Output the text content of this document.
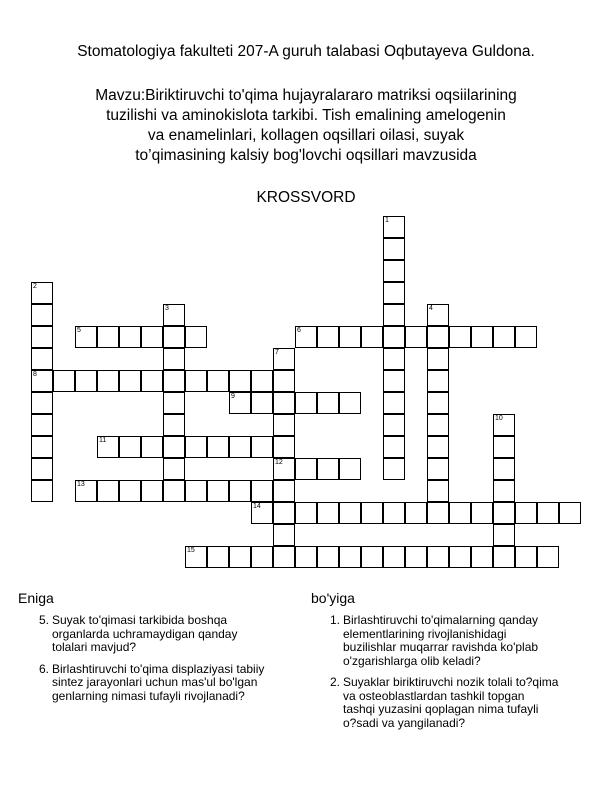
Stomatologiya fakulteti 207-A guruh talabasi Oqbutayeva Guldona.
Mavzu:Biriktiruvchi to'qima hujayralararo matriksi oqsiilarining
tuzilishi va aminokislota tarkibi. Tish emalining amelogenin
va enamelinlari, kollagen oqsillari oilasi, suyak
to’qimasining kalsiy bog'lovchi oqsillari mavzusida
KROSSVORD
1
2
8
3	4
5	6
7
12
9
10
11
13
14
15
Eniga
5. Suyak to'qimasi tarkibida boshqa
organlarda uchramaydigan qanday
tolalari mavjud?
6. Birlashtiruvchi to'qima displaziyasi tabiiy
sintez jarayonlari uchun mas'ul bo'lgan
genlarning nimasi tufayli rivojlanadi?
bo'yiga
1. Birlashtiruvchi to'qimalarning qanday
elementlarining rivojlanishidagi
buzilishlar muqarrar ravishda ko'plab
o'zgarishlarga olib keladi?
2. Suyaklar biriktiruvchi nozik tolali to?qima
va osteoblastlardan tashkil topgan
tashqi yuzasini qoplagan nima tufayli
o?sadi va yangilanadi?
